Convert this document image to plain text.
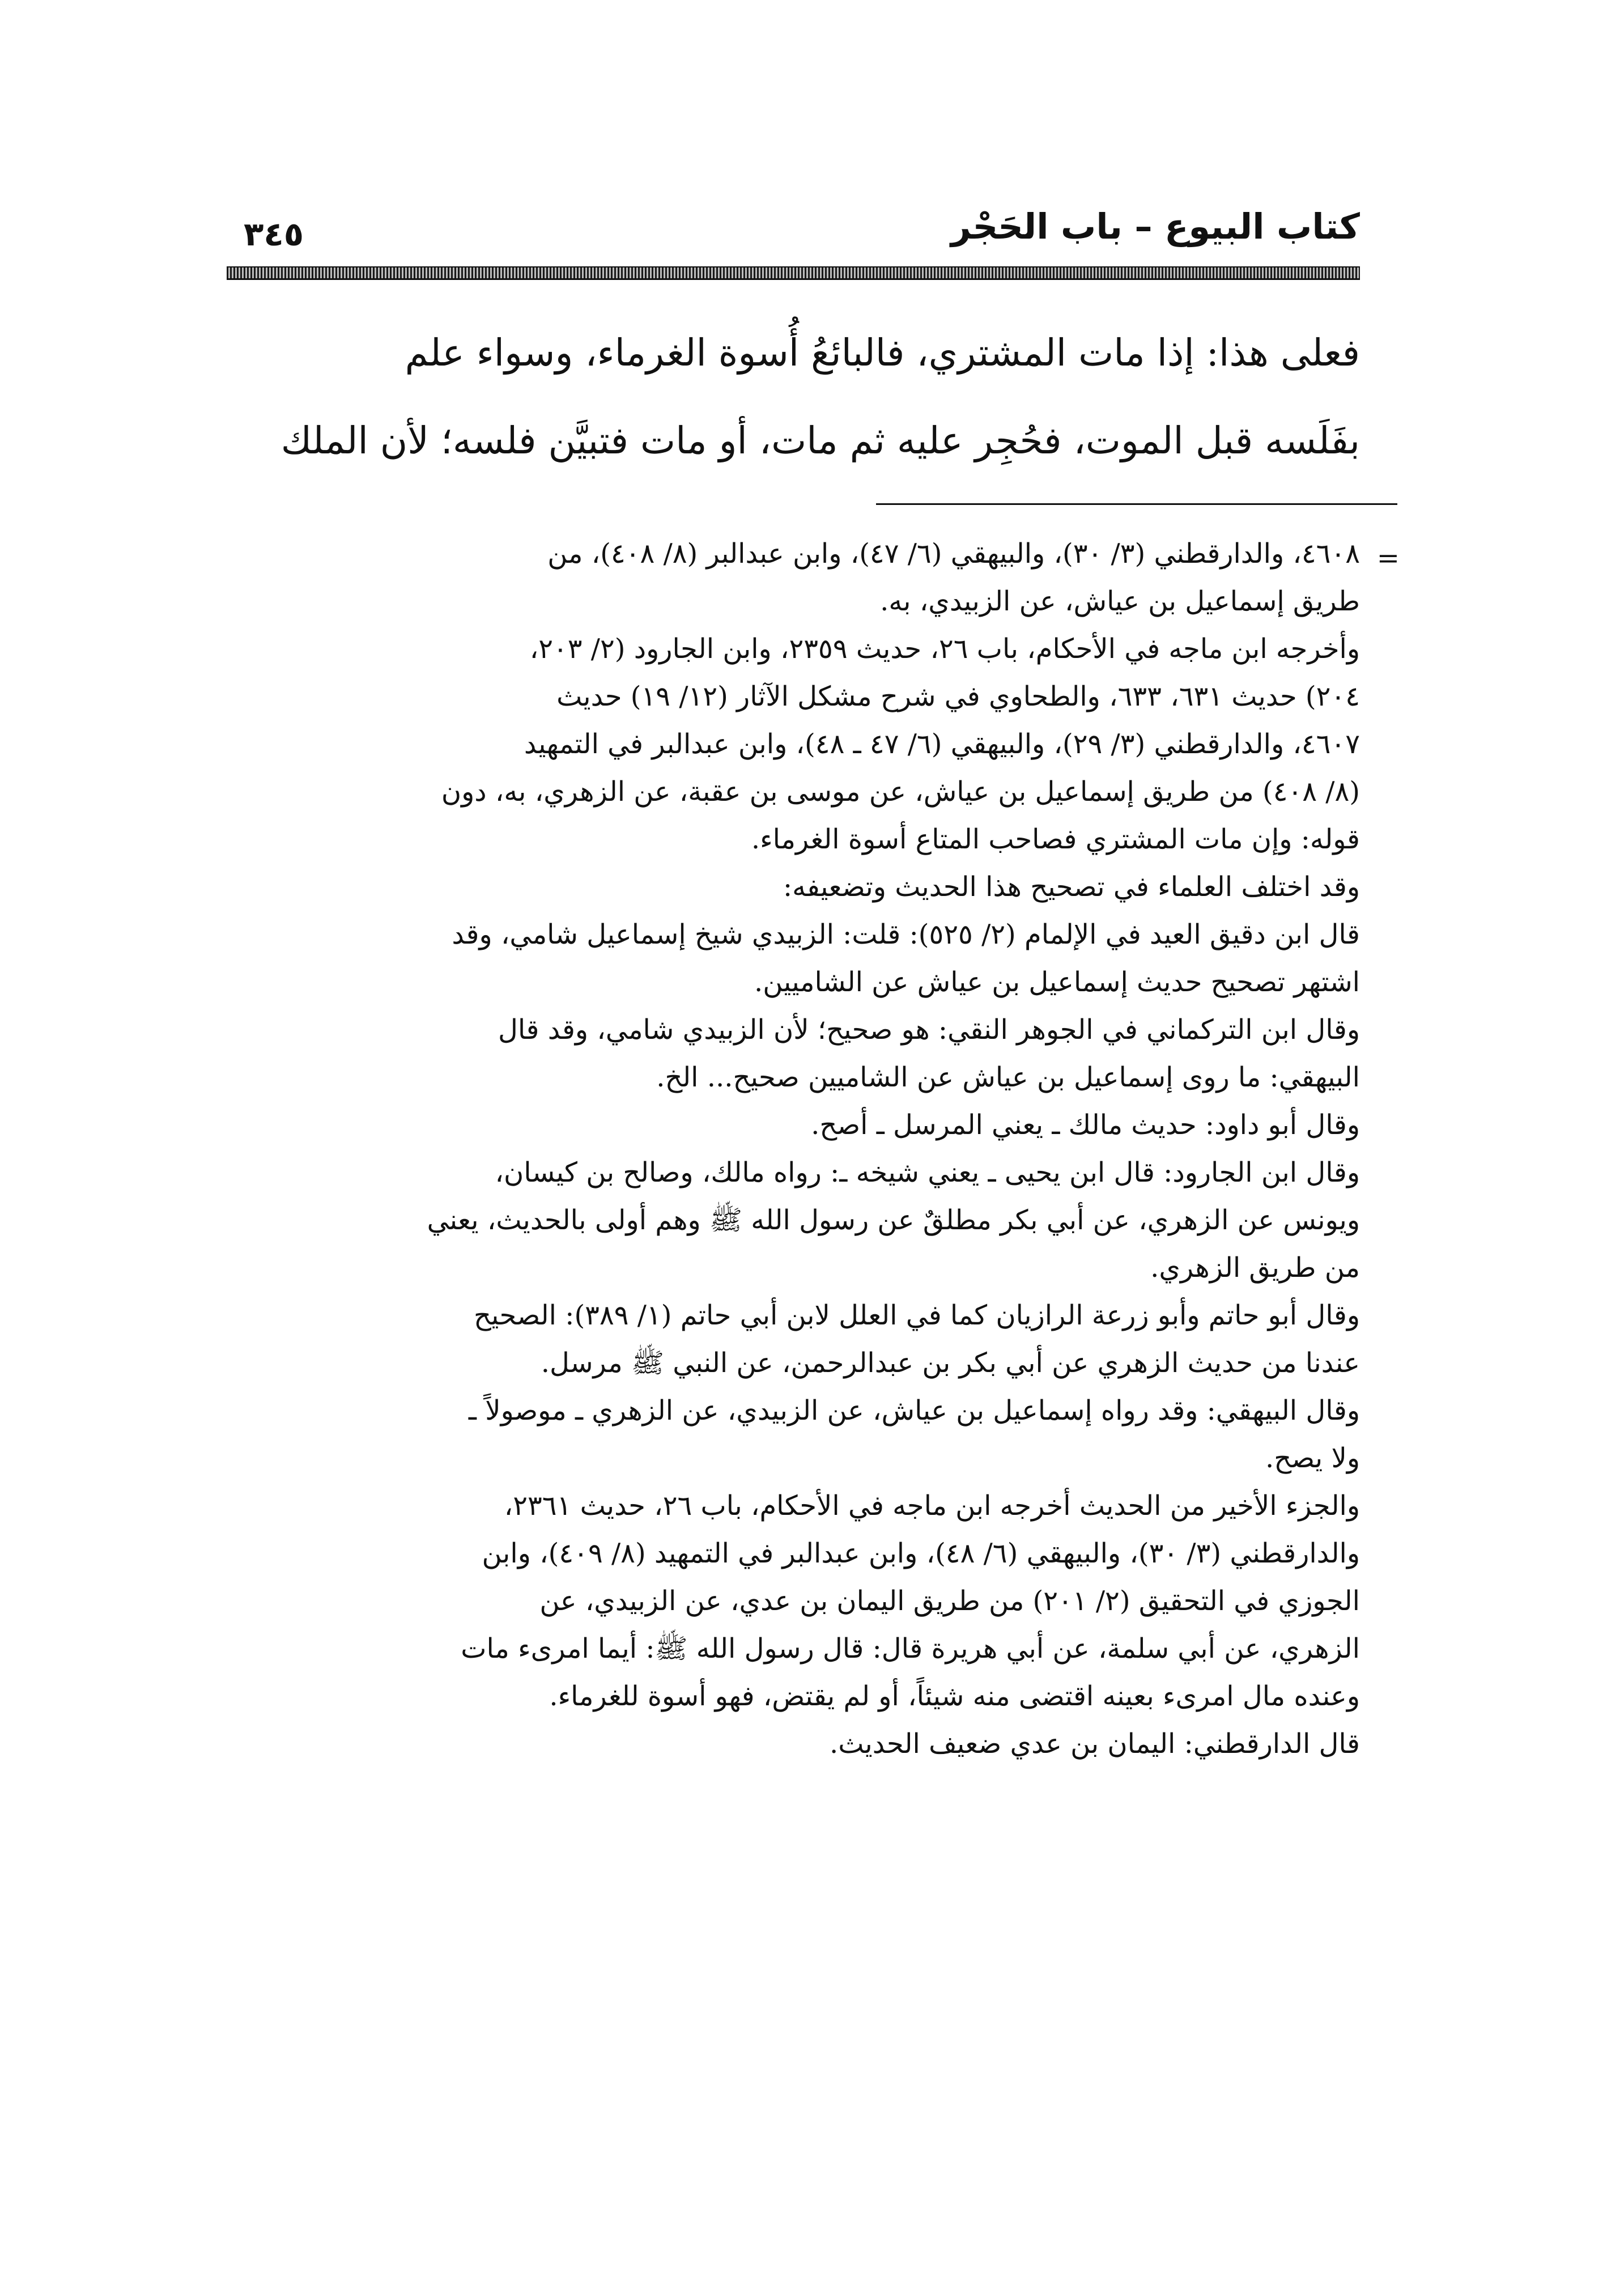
كتاب البيوع – باب الحَجْر
٣٤٥
فعلى هذا: إذا مات المشتري، فالبائعُ أُسوة الغرماء، وسواء علم
بفَلَسه قبل الموت، فحُجِر عليه ثم مات، أو مات فتبيَّن فلسه؛ لأن الملك
=
٤٦٠٨، والدارقطني (٣/ ٣٠)، والبيهقي (٦/ ٤٧)، وابن عبدالبر (٨/ ٤٠٨)، من
طريق إسماعيل بن عياش، عن الزبيدي، به.
وأخرجه ابن ماجه في الأحكام، باب ٢٦، حديث ٢٣٥٩، وابن الجارود (٢/ ٢٠٣،
٢٠٤) حديث ٦٣١، ٦٣٣، والطحاوي في شرح مشكل الآثار (١٢/ ١٩) حديث
٤٦٠٧، والدارقطني (٣/ ٢٩)، والبيهقي (٦/ ٤٧ ـ ٤٨)، وابن عبدالبر في التمهيد
(٨/ ٤٠٨) من طريق إسماعيل بن عياش، عن موسى بن عقبة، عن الزهري، به، دون
قوله: وإن مات المشتري فصاحب المتاع أسوة الغرماء.
وقد اختلف العلماء في تصحيح هذا الحديث وتضعيفه:
قال ابن دقيق العيد في الإلمام (٢/ ٥٢٥): قلت: الزبيدي شيخ إسماعيل شامي، وقد
اشتهر تصحيح حديث إسماعيل بن عياش عن الشاميين.
وقال ابن التركماني في الجوهر النقي: هو صحيح؛ لأن الزبيدي شامي، وقد قال
البيهقي: ما روى إسماعيل بن عياش عن الشاميين صحيح... الخ.
وقال أبو داود: حديث مالك ـ يعني المرسل ـ أصح.
وقال ابن الجارود: قال ابن يحيى ـ يعني شيخه ـ: رواه مالك، وصالح بن كيسان،
ويونس عن الزهري، عن أبي بكر مطلقٌ عن رسول الله ﷺ وهم أولى بالحديث، يعني
من طريق الزهري.
وقال أبو حاتم وأبو زرعة الرازيان كما في العلل لابن أبي حاتم (١/ ٣٨٩): الصحيح
عندنا من حديث الزهري عن أبي بكر بن عبدالرحمن، عن النبي ﷺ مرسل.
وقال البيهقي: وقد رواه إسماعيل بن عياش، عن الزبيدي، عن الزهري ـ موصولاً ـ
ولا يصح.
والجزء الأخير من الحديث أخرجه ابن ماجه في الأحكام، باب ٢٦، حديث ٢٣٦١،
والدارقطني (٣/ ٣٠)، والبيهقي (٦/ ٤٨)، وابن عبدالبر في التمهيد (٨/ ٤٠٩)، وابن
الجوزي في التحقيق (٢/ ٢٠١) من طريق اليمان بن عدي، عن الزبيدي، عن
الزهري، عن أبي سلمة، عن أبي هريرة قال: قال رسول الله ﷺ: أيما امرىء مات
وعنده مال امرىء بعينه اقتضى منه شيئاً، أو لم يقتض، فهو أسوة للغرماء.
قال الدارقطني: اليمان بن عدي ضعيف الحديث.
